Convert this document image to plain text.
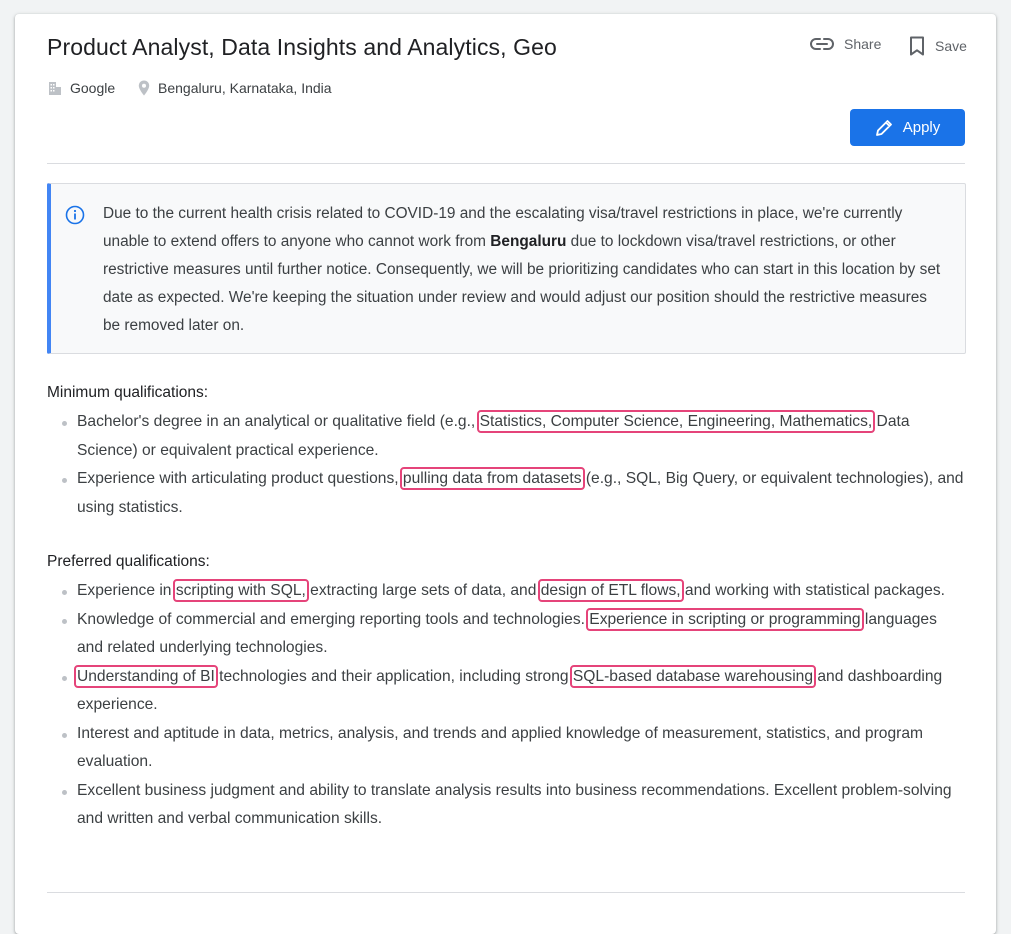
Product Analyst, Data Insights and Analytics, Geo
Google	Bengaluru, Karnataka, India
Share	Save
Apply
Due to the current health crisis related to COVID-19 and the escalating visa/travel restrictions in place, we're currently unable to extend offers to anyone who cannot work from Bengaluru due to lockdown visa/travel restrictions, or other restrictive measures until further notice. Consequently, we will be prioritizing candidates who can start in this location by set date as expected. We're keeping the situation under review and would adjust our position should the restrictive measures be removed later on.
Minimum qualifications:
Bachelor's degree in an analytical or qualitative field (e.g., Statistics, Computer Science, Engineering, Mathematics, Data Science) or equivalent practical experience.
Experience with articulating product questions, pulling data from datasets (e.g., SQL, Big Query, or equivalent technologies), and using statistics.
Preferred qualifications:
Experience in scripting with SQL, extracting large sets of data, and design of ETL flows, and working with statistical packages.
Knowledge of commercial and emerging reporting tools and technologies. Experience in scripting or programming languages and related underlying technologies.
Understanding of BI technologies and their application, including strong SQL-based database warehousing and dashboarding experience.
Interest and aptitude in data, metrics, analysis, and trends and applied knowledge of measurement, statistics, and program evaluation.
Excellent business judgment and ability to translate analysis results into business recommendations. Excellent problem-solving and written and verbal communication skills.
